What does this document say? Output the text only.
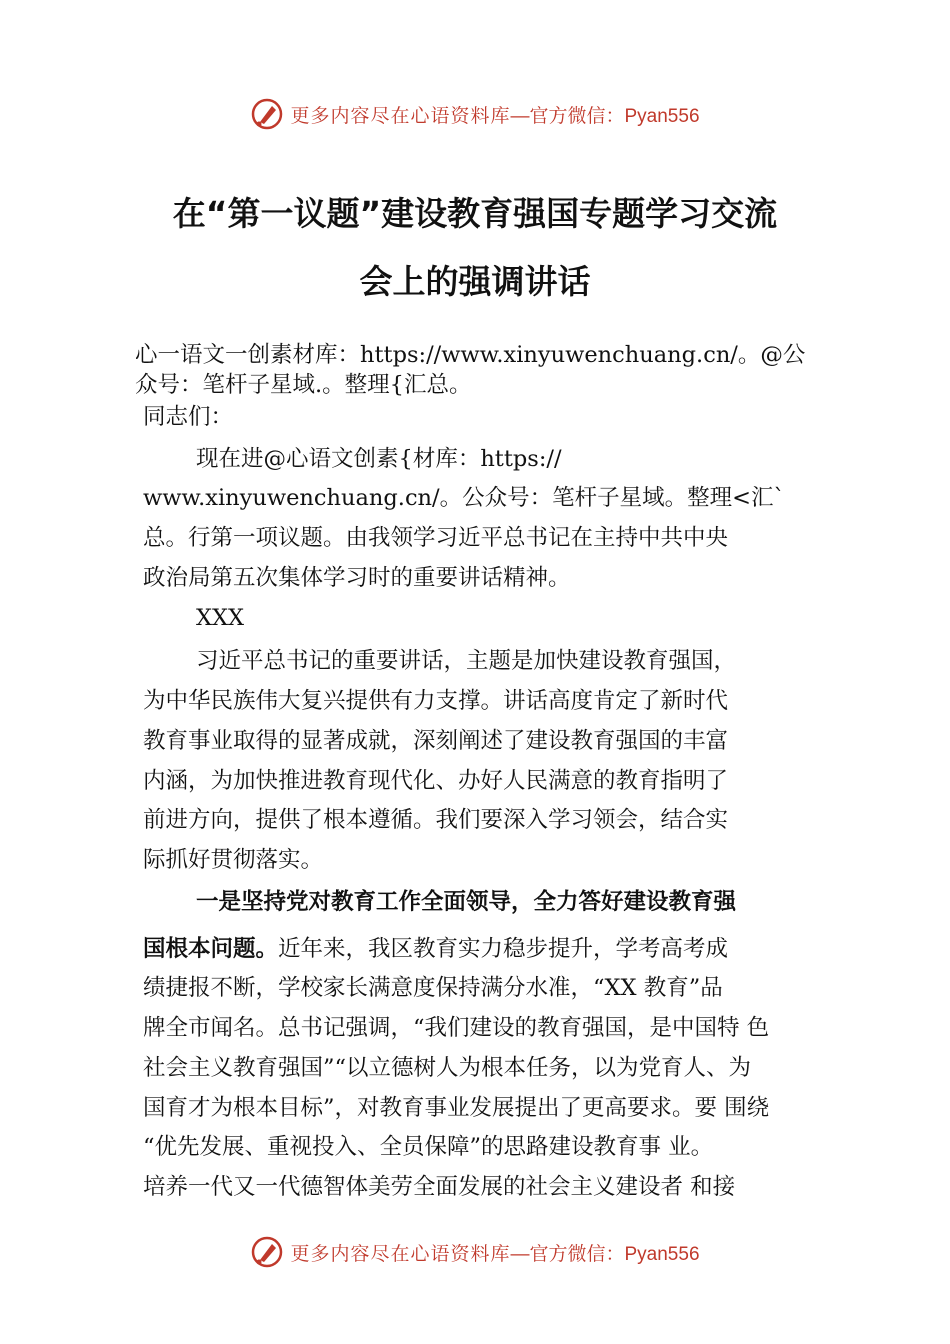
更多内容尽在心语资料库 —官方微信：Pyan556
在“第一议题”建设教育强国专题学习交流
会上的强调讲话
心一语文一创素材库：https://www.xinyuwenchuang.cn/。@公
众号：笔杆子星域.。整理{汇总。
同志们：
现在进@心语文创素{材库：https://
www.xinyuwenchuang.cn/。公众号：笔杆子星域。整理<汇`
总。行第一项议题。由我领学习近平总书记在主持中共中央
政治局第五次集体学习时的重要讲话精神。
XXX
习近平总书记的重要讲话，主题是加快建设教育强国，
为中华民族伟大复兴提供有力支撑。讲话高度肯定了新时代
教育事业取得的显著成就，深刻阐述了建设教育强国的丰富
内涵，为加快推进教育现代化、办好人民满意的教育指明了
前进方向，提供了根本遵循。我们要深入学习领会，结合实
际抓好贯彻落实。
一是坚持党对教育工作全面领导，全力答好建设教育强
国根本问题。近年来，我区教育实力稳步提升，学考高考成
绩捷报不断，学校家长满意度保持满分水准，“XX 教育”品
牌全市闻名。总书记强调，“我们建设的教育强国，是中国特 色
社会主义教育强国”“以立德树人为根本任务，以为党育人、为
国育才为根本目标”，对教育事业发展提出了更高要求。要 围绕
“优先发展、重视投入、全员保障”的思路建设教育事 业。
培养一代又一代德智体美劳全面发展的社会主义建设者 和接
更多内容尽在心语资料库 —官方微信：Pyan556
